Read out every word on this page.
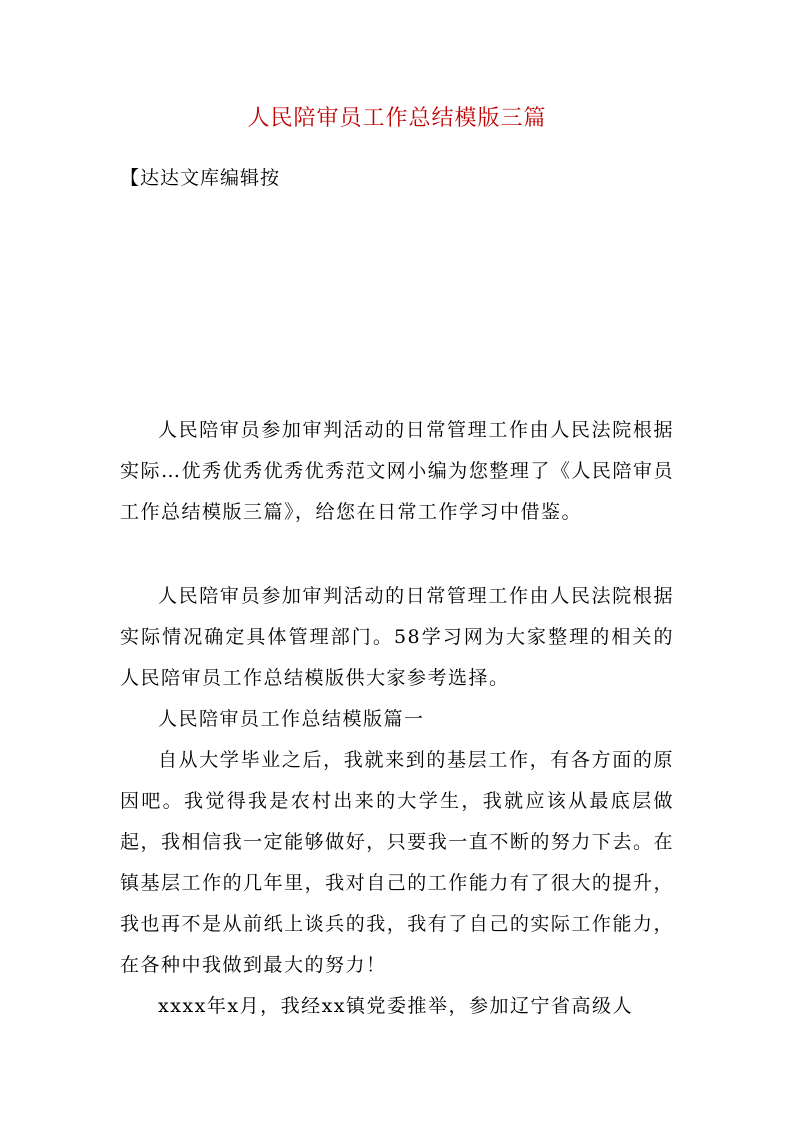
人民陪审员工作总结模版三篇
【达达文库编辑按

人民陪审员参加审判活动的日常管理工作由人民法院根据实际…优秀优秀优秀优秀范文网小编为您整理了《人民陪审员工作总结模版三篇》，给您在日常工作学习中借鉴。

人民陪审员参加审判活动的日常管理工作由人民法院根据实际情况确定具体管理部门。58学习网为大家整理的相关的人民陪审员工作总结模版供大家参考选择。

人民陪审员工作总结模版篇一

自从大学毕业之后，我就来到的基层工作，有各方面的原因吧。我觉得我是农村出来的大学生，我就应该从最底层做起，我相信我一定能够做好，只要我一直不断的努力下去。在镇基层工作的几年里，我对自己的工作能力有了很大的提升，我也再不是从前纸上谈兵的我，我有了自己的实际工作能力，在各种中我做到最大的努力！

xxxx年x月，我经xx镇党委推举，参加辽宁省高级人
